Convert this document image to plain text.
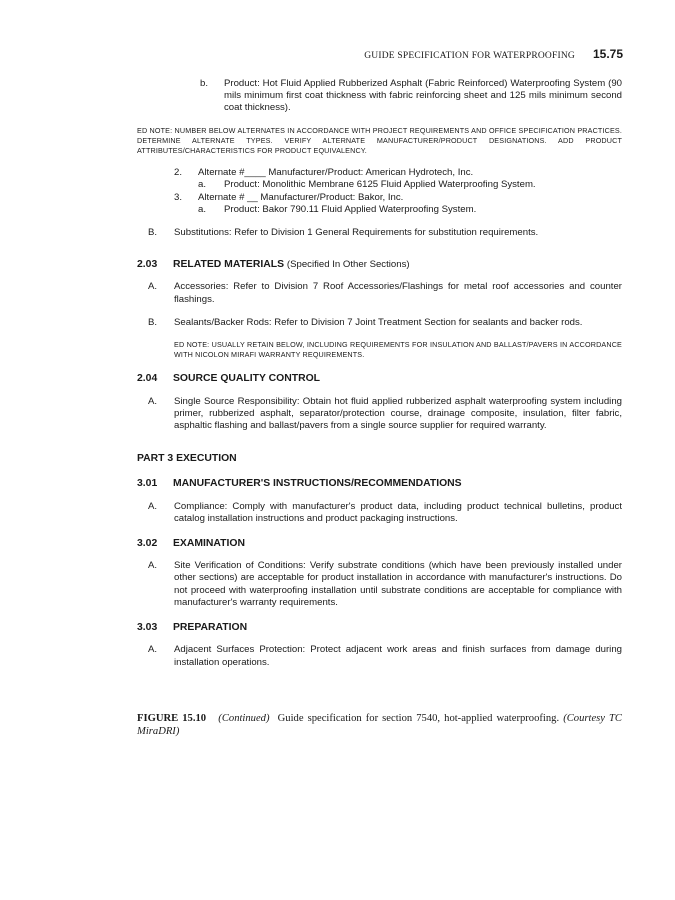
GUIDE SPECIFICATION FOR WATERPROOFING 15.75
b.	Product: Hot Fluid Applied Rubberized Asphalt (Fabric Reinforced) Waterproofing System (90 mils minimum first coat thickness with fabric reinforcing sheet and 125 mils minimum second coat thickness).
ED NOTE: NUMBER BELOW ALTERNATES IN ACCORDANCE WITH PROJECT REQUIREMENTS AND OFFICE SPECIFICATION PRACTICES. DETERMINE ALTERNATE TYPES. VERIFY ALTERNATE MANUFACTURER/PRODUCT DESIGNATIONS. ADD PRODUCT ATTRIBUTES/CHARACTERISTICS FOR PRODUCT EQUIVALENCY.
2.	Alternate #____ Manufacturer/Product: American Hydrotech, Inc.
a.	Product: Monolithic Membrane 6125 Fluid Applied Waterproofing System.
3.	Alternate # __ Manufacturer/Product: Bakor, Inc.
a.	Product: Bakor 790.11 Fluid Applied Waterproofing System.
B.	Substitutions: Refer to Division 1 General Requirements for substitution requirements.
2.03	RELATED MATERIALS (Specified In Other Sections)
A.	Accessories: Refer to Division 7 Roof Accessories/Flashings for metal roof accessories and counter flashings.
B.	Sealants/Backer Rods: Refer to Division 7 Joint Treatment Section for sealants and backer rods.
ED NOTE: USUALLY RETAIN BELOW, INCLUDING REQUIREMENTS FOR INSULATION AND BALLAST/PAVERS IN ACCORDANCE WITH NICOLON MIRAFI WARRANTY REQUIREMENTS.
2.04	SOURCE QUALITY CONTROL
A.	Single Source Responsibility: Obtain hot fluid applied rubberized asphalt waterproofing system including primer, rubberized asphalt, separator/protection course, drainage composite, insulation, filter fabric, asphaltic flashing and ballast/pavers from a single source supplier for required warranty.
PART 3 EXECUTION
3.01	MANUFACTURER'S INSTRUCTIONS/RECOMMENDATIONS
A.	Compliance: Comply with manufacturer's product data, including product technical bulletins, product catalog installation instructions and product packaging instructions.
3.02	EXAMINATION
A.	Site Verification of Conditions: Verify substrate conditions (which have been previously installed under other sections) are acceptable for product installation in accordance with manufacturer's instructions. Do not proceed with waterproofing installation until substrate conditions are acceptable for compliance with manufacturer's warranty requirements.
3.03	PREPARATION
A.	Adjacent Surfaces Protection: Protect adjacent work areas and finish surfaces from damage during installation operations.
FIGURE 15.10 (Continued) Guide specification for section 7540, hot-applied waterproofing. (Courtesy TC MiraDRI)
